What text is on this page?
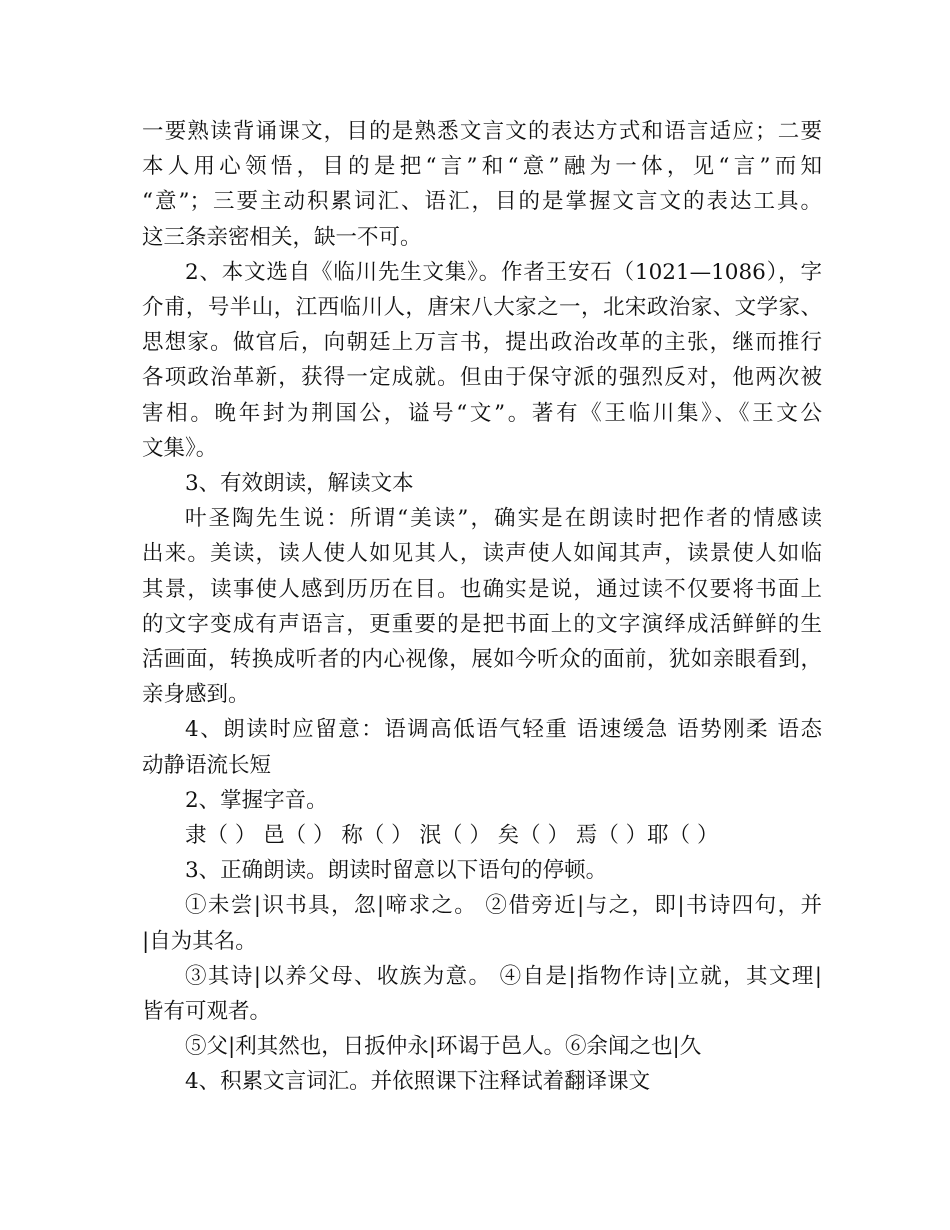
一要熟读背诵课文，目的是熟悉文言文的表达方式和语言适应；二要
本人用心领悟，目的是把“言”和“意”融为一体，见“言”而知
“意”；三要主动积累词汇、语汇，目的是掌握文言文的表达工具。
这三条亲密相关，缺一不可。

2、本文选自《临川先生文集》。作者王安石（1021—1086），字
介甫，号半山，江西临川人，唐宋八大家之一，北宋政治家、文学家、
思想家。做官后，向朝廷上万言书，提出政治改革的主张，继而推行
各项政治革新，获得一定成就。但由于保守派的强烈反对，他两次被
害相。晚年封为荆国公，谥号“文”。著有《王临川集》、《王文公
文集》。

3、有效朗读，解读文本

叶圣陶先生说：所谓“美读”，确实是在朗读时把作者的情感读
出来。美读，读人使人如见其人，读声使人如闻其声，读景使人如临
其景，读事使人感到历历在目。也确实是说，通过读不仅要将书面上
的文字变成有声语言，更重要的是把书面上的文字演绎成活鲜鲜的生
活画面，转换成听者的内心视像，展如今听众的面前，犹如亲眼看到，
亲身感到。

4、朗读时应留意：语调高低语气轻重 语速缓急 语势刚柔 语态
动静语流长短

2、掌握字音。

隶（ ） 邑（ ） 称（ ） 泯（ ） 矣（ ） 焉（ ）耶（ ）

3、正确朗读。朗读时留意以下语句的停顿。

①未尝|识书具，忽|啼求之。 ②借旁近|与之，即|书诗四句，并
|自为其名。

③其诗|以养父母、收族为意。 ④自是|指物作诗|立就，其文理|
皆有可观者。

⑤父|利其然也，日扳仲永|环谒于邑人。⑥余闻之也|久

4、积累文言词汇。并依照课下注释试着翻译课文
